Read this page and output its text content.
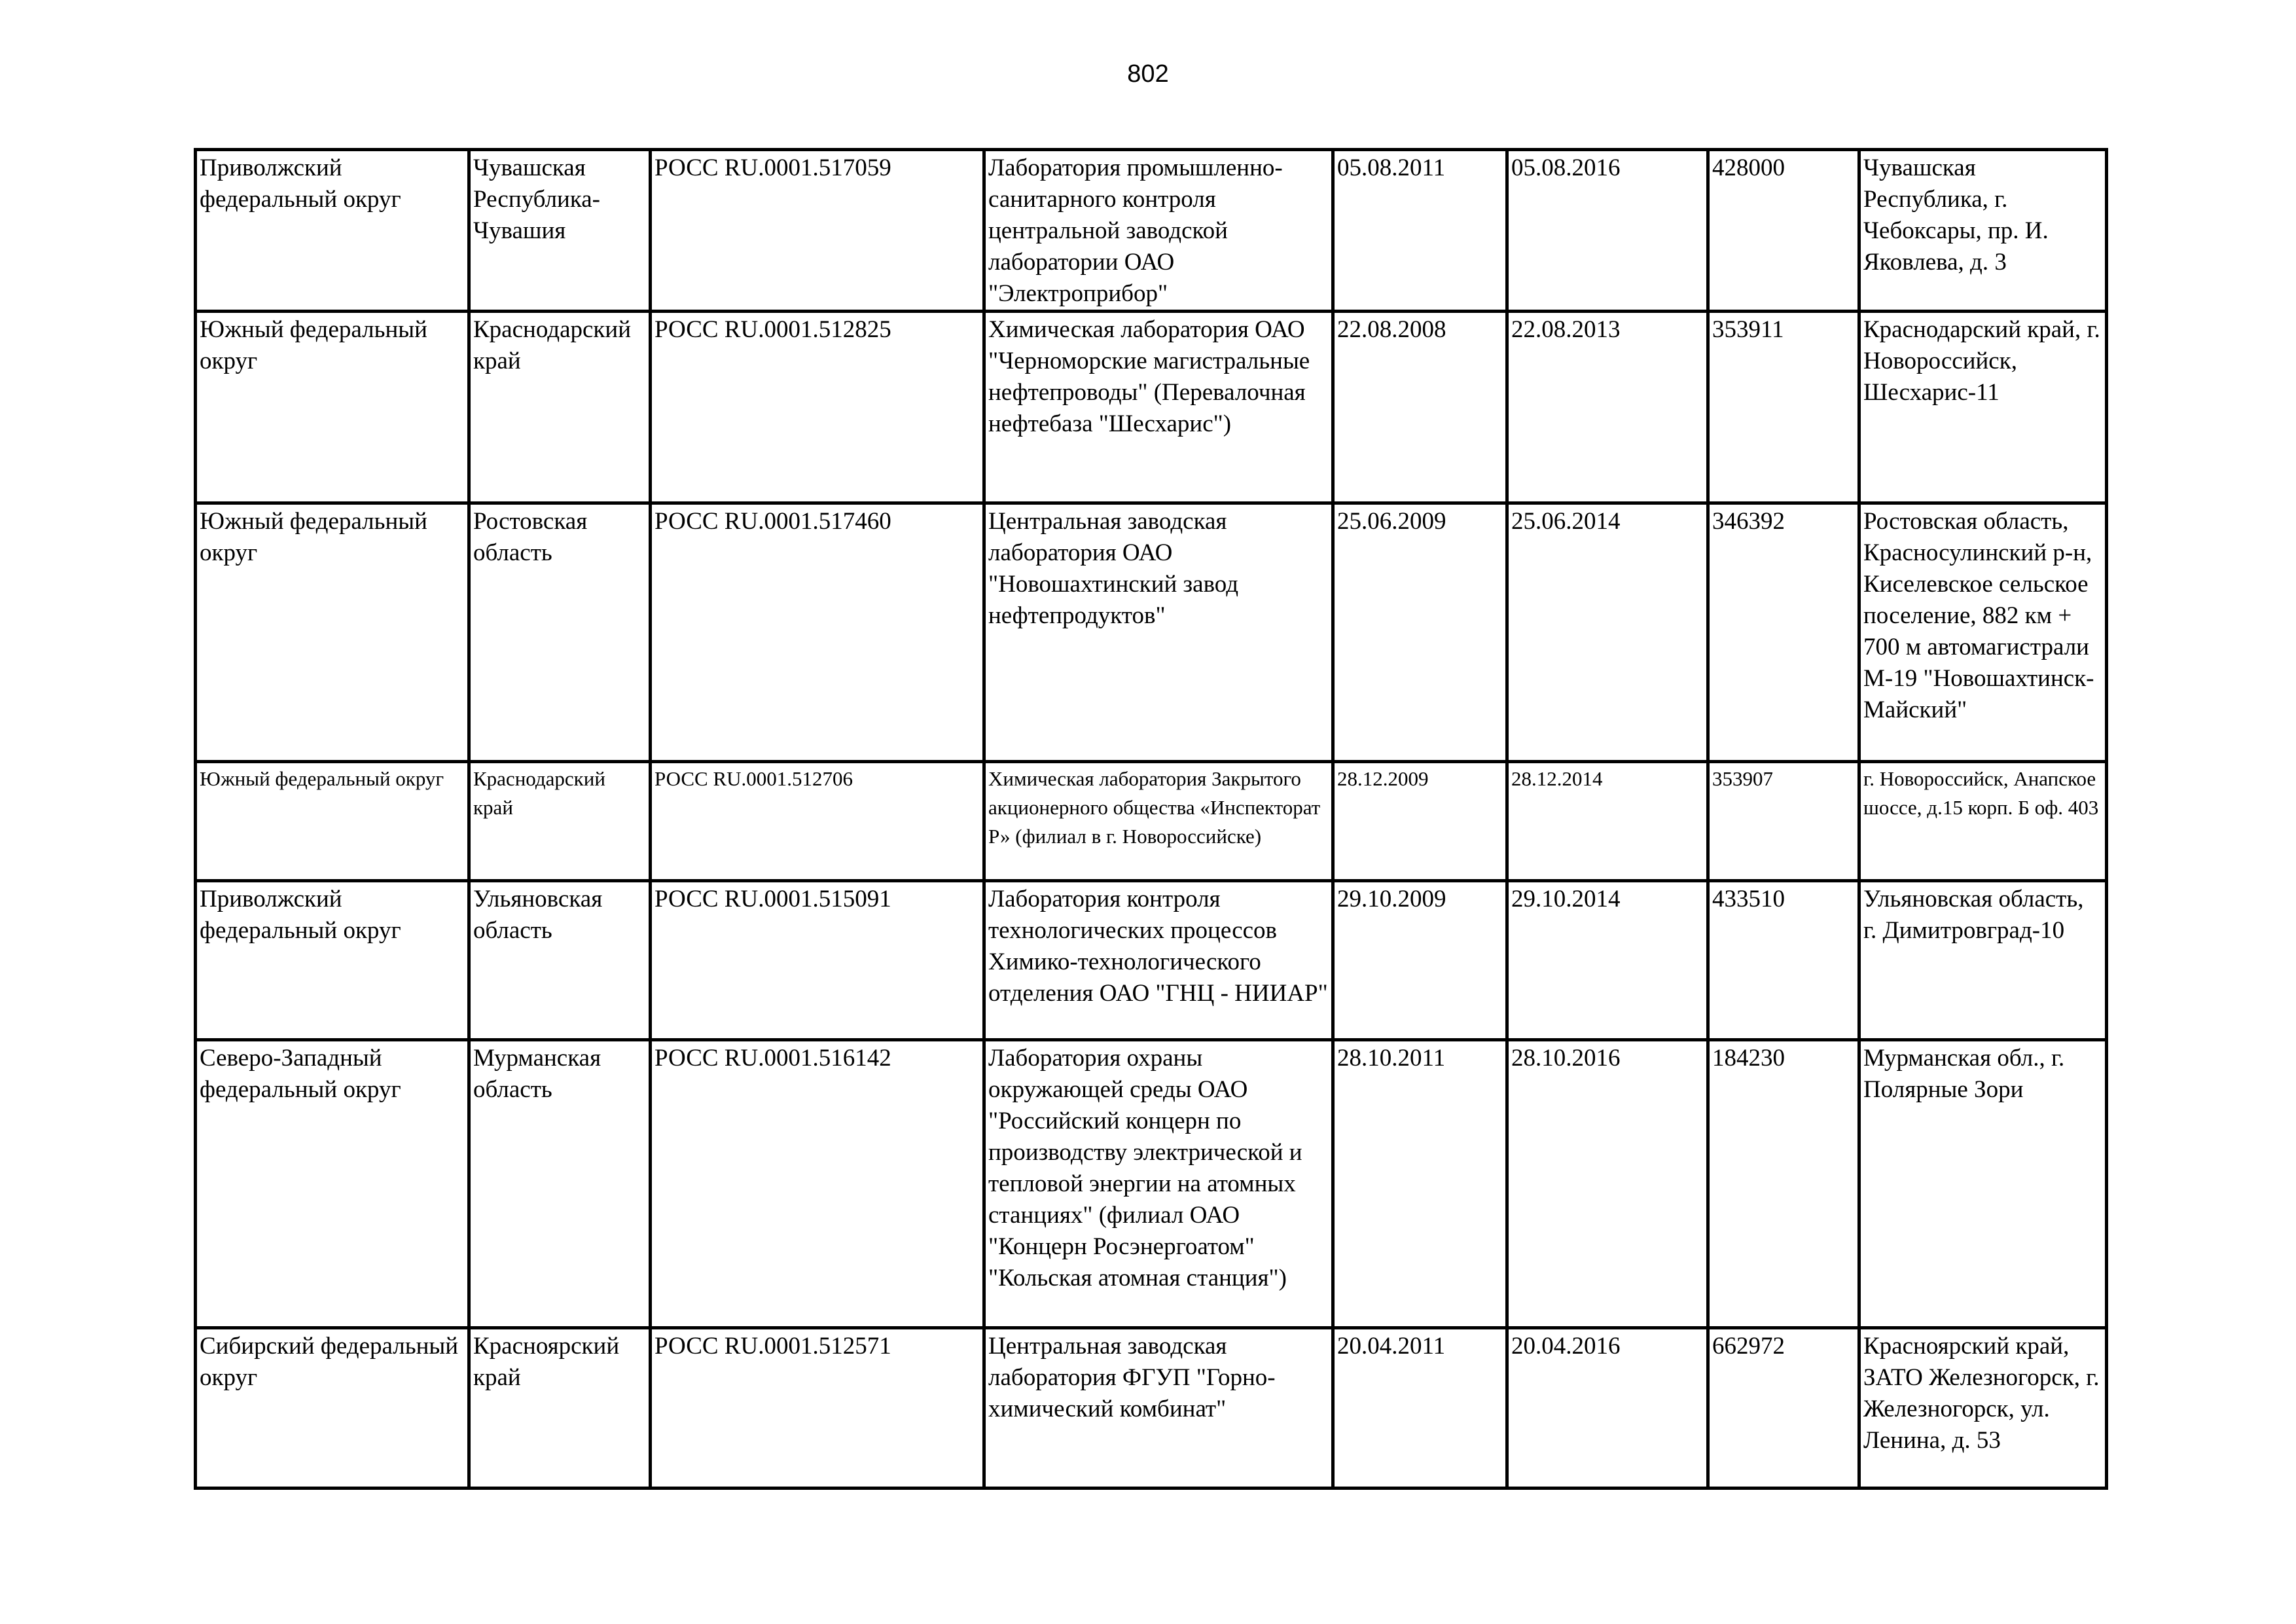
802
Приволжский федеральный округ	Чувашская Республика-Чувашия	РОСС RU.0001.517059	Лаборатория промышленно-санитарного контроля центральной заводской лаборатории ОАО "Электроприбор"	05.08.2011	05.08.2016	428000	Чувашская Республика, г. Чебоксары, пр. И. Яковлева, д. 3
Южный федеральный округ	Краснодарский край	РОСС RU.0001.512825	Химическая лаборатория ОАО "Черноморские магистральные нефтепроводы" (Перевалочная нефтебаза "Шесхарис")	22.08.2008	22.08.2013	353911	Краснодарский край, г. Новороссийск, Шесхарис-11
Южный федеральный округ	Ростовская область	РОСС RU.0001.517460	Центральная заводская лаборатория ОАО "Новошахтинский завод нефтепродуктов"	25.06.2009	25.06.2014	346392	Ростовская область, Красносулинский р-н, Киселевское сельское поселение, 882 км + 700 м автомагистрали М-19 "Новошахтинск-Майский"
Южный федеральный округ	Краснодарский край	РОСС RU.0001.512706	Химическая лаборатория Закрытого акционерного общества «Инспекторат Р» (филиал в г. Новороссийске)	28.12.2009	28.12.2014	353907	г. Новороссийск, Анапское шоссе, д.15 корп. Б оф. 403
Приволжский федеральный округ	Ульяновская область	РОСС RU.0001.515091	Лаборатория контроля технологических процессов Химико-технологического отделения ОАО "ГНЦ - НИИАР"	29.10.2009	29.10.2014	433510	Ульяновская область, г. Димитровград-10
Северо-Западный федеральный округ	Мурманская область	РОСС RU.0001.516142	Лаборатория охраны окружающей среды ОАО "Российский концерн по производству электрической и тепловой энергии на атомных станциях" (филиал ОАО "Концерн Росэнергоатом" "Кольская атомная станция")	28.10.2011	28.10.2016	184230	Мурманская обл., г. Полярные Зори
Сибирский федеральный округ	Красноярский край	РОСС RU.0001.512571	Центральная заводская лаборатория ФГУП "Горно-химический комбинат"	20.04.2011	20.04.2016	662972	Красноярский край, ЗАТО Железногорск, г. Железногорск, ул. Ленина, д. 53
